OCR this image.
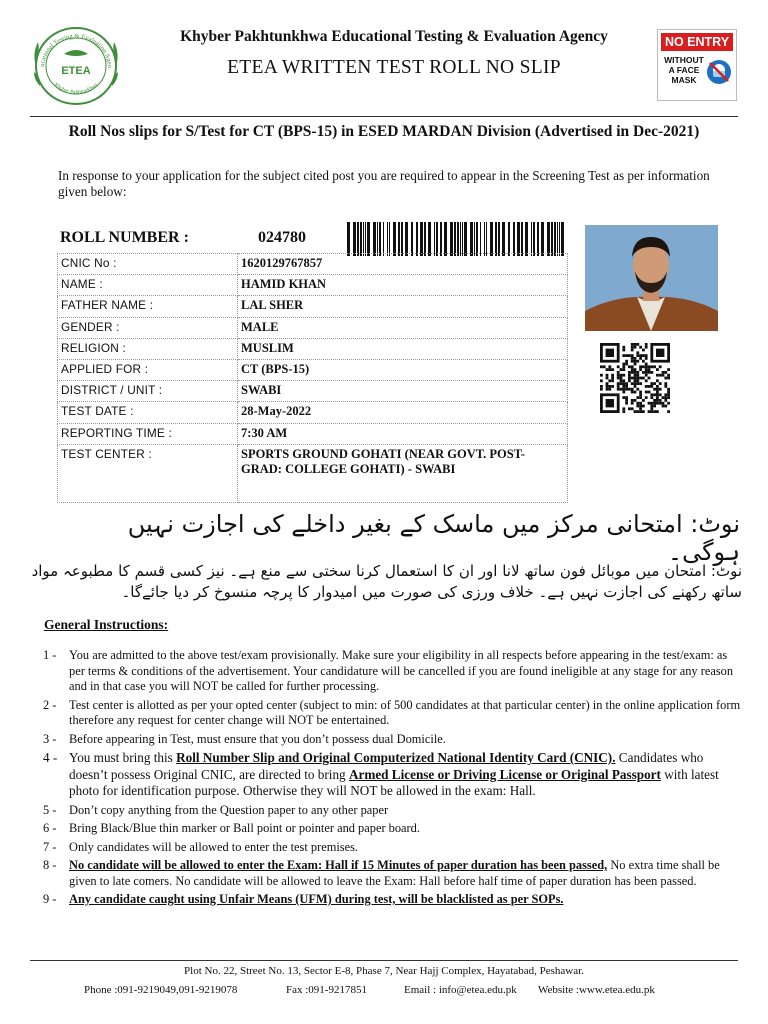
ucational Testing & Evaluation Agen
Khyber Pakhtunkhwa
ETEA
Khyber Pakhtunkhwa Educational Testing & Evaluation Agency
ETEA WRITTEN TEST ROLL NO SLIP
NO ENTRY
WITHOUT
A FACE
MASK
Roll Nos slips for S/Test for CT (BPS-15) in ESED MARDAN Division (Advertised in Dec-2021)
In response to your application for the subject cited post you are required to appear in the Screening Test as per information given below:
ROLL NUMBER :	024780
CNIC No :	1620129767857
NAME :	HAMID KHAN
FATHER NAME :	LAL SHER
GENDER :	MALE
RELIGION :	MUSLIM
APPLIED FOR :	CT (BPS-15)
DISTRICT / UNIT :	SWABI
TEST DATE :	28-May-2022
REPORTING TIME :	7:30 AM
TEST CENTER :	SPORTS GROUND GOHATI (NEAR GOVT. POST-GRAD: COLLEGE GOHATI) - SWABI
نوٹ: امتحانی مرکز میں ماسک کے بغیر داخلے کی اجازت نہیں ہوگی۔
نوٹ: امتحان میں موبائل فون ساتھ لانا اور ان کا استعمال کرنا سختی سے منع ہے۔ نیز کسی قسم کا مطبوعہ مواد ساتھ رکھنے کی اجازت نہیں ہے۔ خلاف ورزی کی صورت میں امیدوار کا پرچہ منسوخ کر دیا جائےگا۔
General Instructions:
1 -	You are admitted to the above test/exam provisionally. Make sure your eligibility in all respects before appearing in the test/exam: as per terms & conditions of the advertisement. Your candidature will be cancelled if you are found ineligible at any stage for any reason and in that case you will NOT be called for further processing.
2 -	Test center is allotted as per your opted center (subject to min: of 500 candidates at that particular center) in the online application form therefore any request for center change will NOT be entertained.
3 -	Before appearing in Test, must ensure that you don’t possess dual Domicile.
4 - You must bring this Roll Number Slip and Original Computerized National Identity Card (CNIC). Candidates who doesn’t possess Original CNIC, are directed to bring Armed License or Driving License or Original Passport with latest photo for identification purpose. Otherwise they will NOT be allowed in the exam: Hall.
5 -	Don’t copy anything from the Question paper to any other paper
6 -	Bring Black/Blue thin marker or Ball point or pointer and paper board.
7 -	Only candidates will be allowed to enter the test premises.
8 -	No candidate will be allowed to enter the Exam: Hall if 15 Minutes of paper duration has been passed, No extra time shall be given to late comers. No candidate will be allowed to leave the Exam: Hall before half time of paper duration has been passed.
9 -	Any candidate caught using Unfair Means (UFM) during test, will be blacklisted as per SOPs.
Plot No. 22, Street No. 13, Sector E-8, Phase 7, Near Hajj Complex, Hayatabad, Peshawar.
Phone :091-9219049,091-9219078	Fax :091-9217851	Email : info@etea.edu.pk Website :www.etea.edu.pk
